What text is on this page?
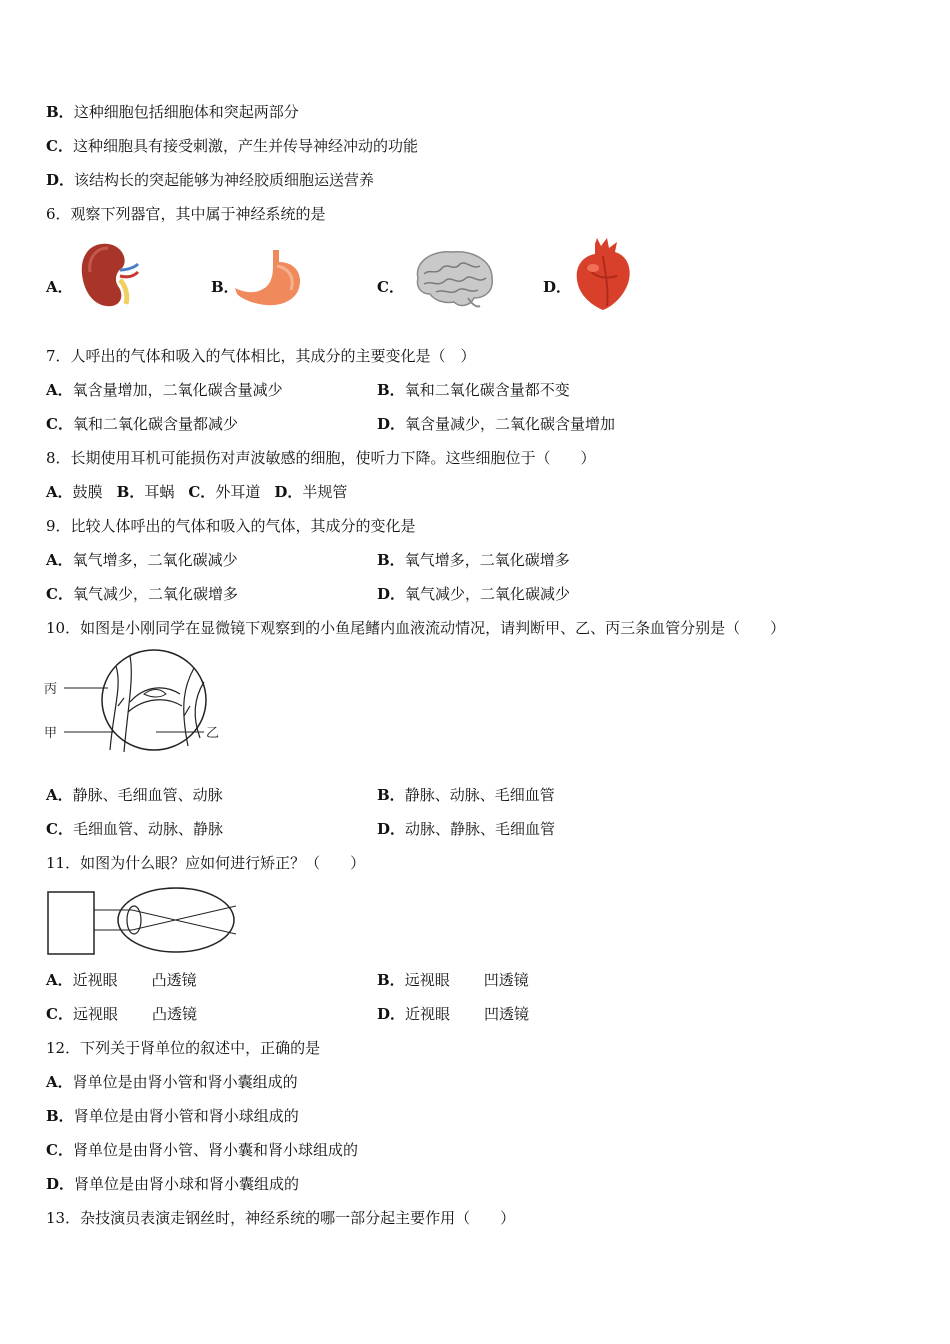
B．这种细胞包括细胞体和突起两部分
C．这种细胞具有接受刺激，产生并传导神经冲动的功能
D．该结构长的突起能够为神经胶质细胞运送营养
6．观察下列器官，其中属于神经系统的是
A．	B．	C．	D．
7．人呼出的气体和吸入的气体相比，其成分的主要变化是（　）
A．氧含量增加，二氧化碳含量减少	B．氧和二氧化碳含量都不变
C．氧和二氧化碳含量都减少	D．氧含量减少，二氧化碳含量增加
8．长期使用耳机可能损伤对声波敏感的细胞，使听力下降。这些细胞位于（　　）
A．鼓膜 B．耳蜗 C．外耳道 D．半规管
9．比较人体呼出的气体和吸入的气体，其成分的变化是
A．氧气增多，二氧化碳减少	B．氧气增多，二氧化碳增多
C．氧气减少，二氧化碳增多	D．氧气减少，二氧化碳减少
10．如图是小刚同学在显微镜下观察到的小鱼尾鳍内血液流动情况，请判断甲、乙、丙三条血管分别是（　　）
丙
甲	乙
A．静脉、毛细血管、动脉	B．静脉、动脉、毛细血管
C．毛细血管、动脉、静脉	D．动脉、静脉、毛细血管
11．如图为什么眼？应如何进行矫正？（　　）
A．近视眼 凸透镜	B．远视眼 凹透镜
C．远视眼 凸透镜	D．近视眼 凹透镜
12．下列关于肾单位的叙述中，正确的是
A．肾单位是由肾小管和肾小囊组成的
B．肾单位是由肾小管和肾小球组成的
C．肾单位是由肾小管、肾小囊和肾小球组成的
D．肾单位是由肾小球和肾小囊组成的
13．杂技演员表演走钢丝时，神经系统的哪一部分起主要作用（　　）
